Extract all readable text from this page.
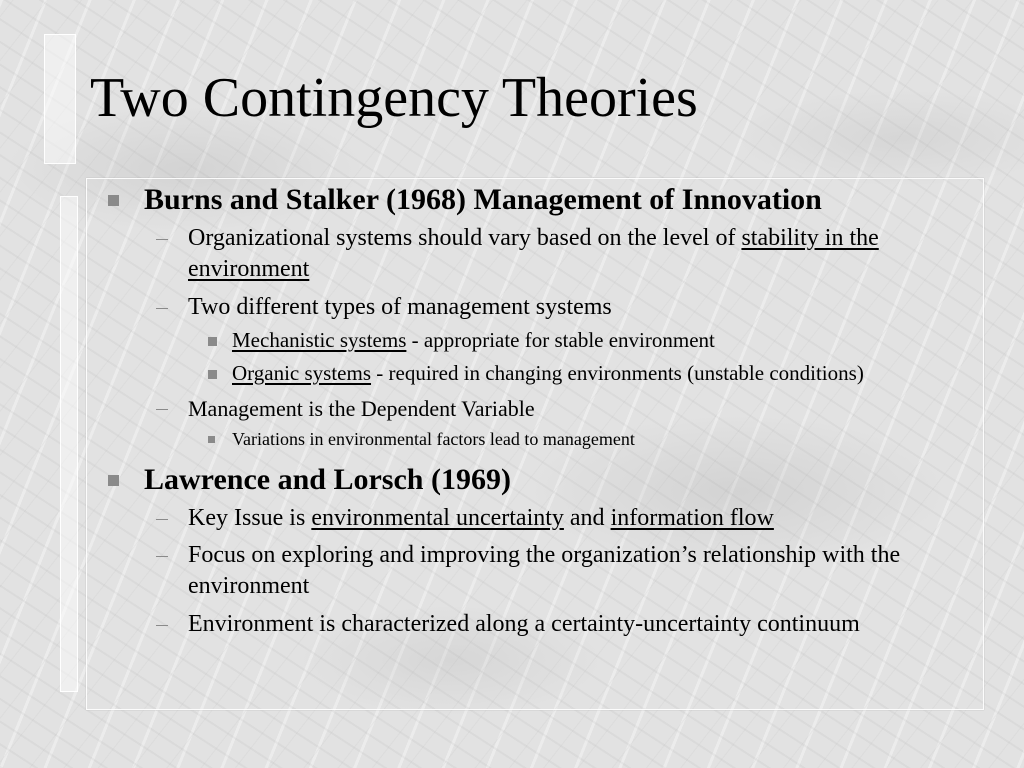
Two Contingency Theories
Burns and Stalker (1968) Management of Innovation
Organizational systems should vary based on the level of stability in the environment
Two different types of management systems
Mechanistic systems - appropriate for stable environment
Organic systems - required in changing environments (unstable conditions)
Management is the Dependent Variable
Variations in environmental factors lead to management
Lawrence and Lorsch (1969)
Key Issue is environmental uncertainty and information flow
Focus on exploring and improving the organization’s relationship with the environment
Environment is characterized along a certainty-uncertainty continuum
